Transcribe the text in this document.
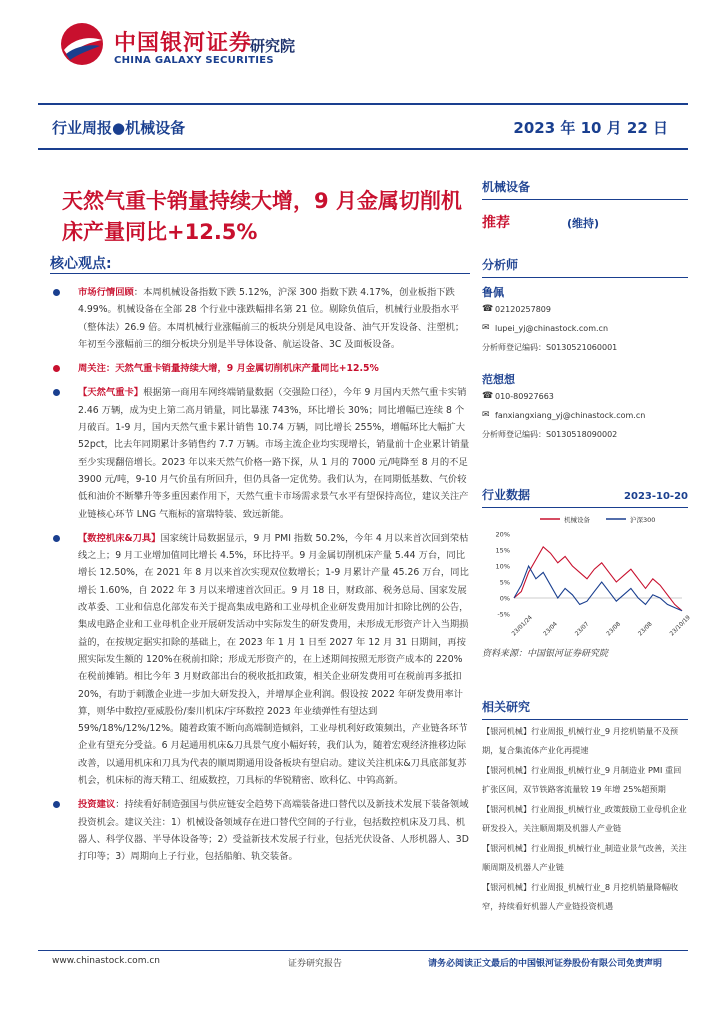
中国银河证券
CHINA GALAXY SECURITIES
研究院
行业周报●机械设备	2023 年 10 月 22 日
天然气重卡销量持续大增，9 月金属切削机床产量同比+12.5%
核心观点:
市场行情回顾：本周机械设备指数下跌 5.12%，沪深 300 指数下跌 4.17%，创业板指下跌 4.99%。机械设备在全部 28 个行业中涨跌幅排名第 21 位。剔除负值后，机械行业股指水平（整体法）26.9 倍。本周机械行业涨幅前三的板块分别是风电设备、油气开发设备、注塑机；年初至今涨幅前三的细分板块分别是半导体设备、航运设备、3C 及面板设备。
周关注：天然气重卡销量持续大增，9 月金属切削机床产量同比+12.5%
【天然气重卡】根据第一商用车网终端销量数据（交强险口径），今年 9 月国内天然气重卡实销 2.46 万辆，成为史上第二高月销量，同比暴涨 743%，环比增长 30%；同比增幅已连续 8 个月破百。1-9 月，国内天然气重卡累计销售 10.74 万辆，同比增长 255%，增幅环比大幅扩大 52pct，比去年同期累计多销售约 7.7 万辆。市场主流企业均实现增长，销量前十企业累计销量至少实现翻倍增长。2023 年以来天然气价格一路下探，从 1 月的 7000 元/吨降至 8 月的不足 3900 元/吨，9-10 月气价虽有所回升，但仍具备一定优势。我们认为，在同期低基数、气价较低和油价不断攀升等多重因素作用下，天然气重卡市场需求景气水平有望保持高位，建议关注产业链核心环节 LNG 气瓶标的富瑞特装、致远新能。
【数控机床&刀具】国家统计局数据显示，9 月 PMI 指数 50.2%，今年 4 月以来首次回到荣枯线之上；9 月工业增加值同比增长 4.5%，环比持平。9 月金属切削机床产量 5.44 万台，同比增长 12.50%，在 2021 年 8 月以来首次实现双位数增长；1-9 月累计产量 45.26 万台，同比增长 1.60%，自 2022 年 3 月以来增速首次回正。9 月 18 日，财政部、税务总局、国家发展改革委、工业和信息化部发布关于提高集成电路和工业母机企业研发费用加计扣除比例的公告，集成电路企业和工业母机企业开展研发活动中实际发生的研发费用，未形成无形资产计入当期损益的，在按规定据实扣除的基础上，在 2023 年 1 月 1 日至 2027 年 12 月 31 日期间，再按照实际发生额的 120%在税前扣除；形成无形资产的，在上述期间按照无形资产成本的 220%在税前摊销。相比今年 3 月财政部出台的税收抵扣政策，相关企业研发费用可在税前再多抵扣 20%，有助于刺激企业进一步加大研发投入，并增厚企业利润。假设按 2022 年研发费用率计算，则华中数控/亚威股份/秦川机床/宇环数控 2023 年业绩弹性有望达到 59%/18%/12%/12%。随着政策不断向高端制造倾斜，工业母机利好政策频出，产业链各环节企业有望充分受益。6 月起通用机床&刀具景气度小幅好转，我们认为，随着宏观经济推移边际改善，以通用机床和刀具为代表的顺周期通用设备板块有望启动。建议关注机床&刀具底部复苏机会，机床标的海天精工、纽威数控，刀具标的华锐精密、欧科亿、中钨高新。
投资建议：持续看好制造强国与供应链安全趋势下高端装备进口替代以及新技术发展下装备领域投资机会。建议关注：1）机械设备领域存在进口替代空间的子行业，包括数控机床及刀具、机器人、科学仪器、半导体设备等；2）受益新技术发展子行业，包括光伏设备、人形机器人、3D 打印等；3）周期向上子行业，包括船舶、轨交装备。
机械设备
推荐	(维持)
分析师
鲁佩
☎ 02120257809
✉ lupei_yj@chinastock.com.cn
分析师登记编码：S0130521060001
范想想
☎ 010-80927663
✉ fanxiangxiang_yj@chinastock.com.cn
分析师登记编码：S0130518090002
行业数据	2023-10-20
机械设备	沪深300
20%
15%
10%
5%
0%
-5%
23/01/24 23/04	23/07	23/08	23/08	23/10/19
资料来源：中国银河证券研究院
相关研究
【银河机械】行业周报_机械行业_9 月挖机销量不及预期，复合集流体产业化再提速
【银河机械】行业周报_机械行业_9 月制造业 PMI 重回扩张区间，双节铁路客流量较 19 年增 25%超预期
【银河机械】行业周报_机械行业_政策鼓励工业母机企业研发投入，关注顺周期及机器人产业链
【银河机械】行业周报_机械行业_制造业景气改善，关注顺周期及机器人产业链
【银河机械】行业周报_机械行业_8 月挖机销量降幅收窄，持续看好机器人产业链投资机遇
www.chinastock.com.cn	证券研究报告	请务必阅读正文最后的中国银河证券股份有限公司免责声明
